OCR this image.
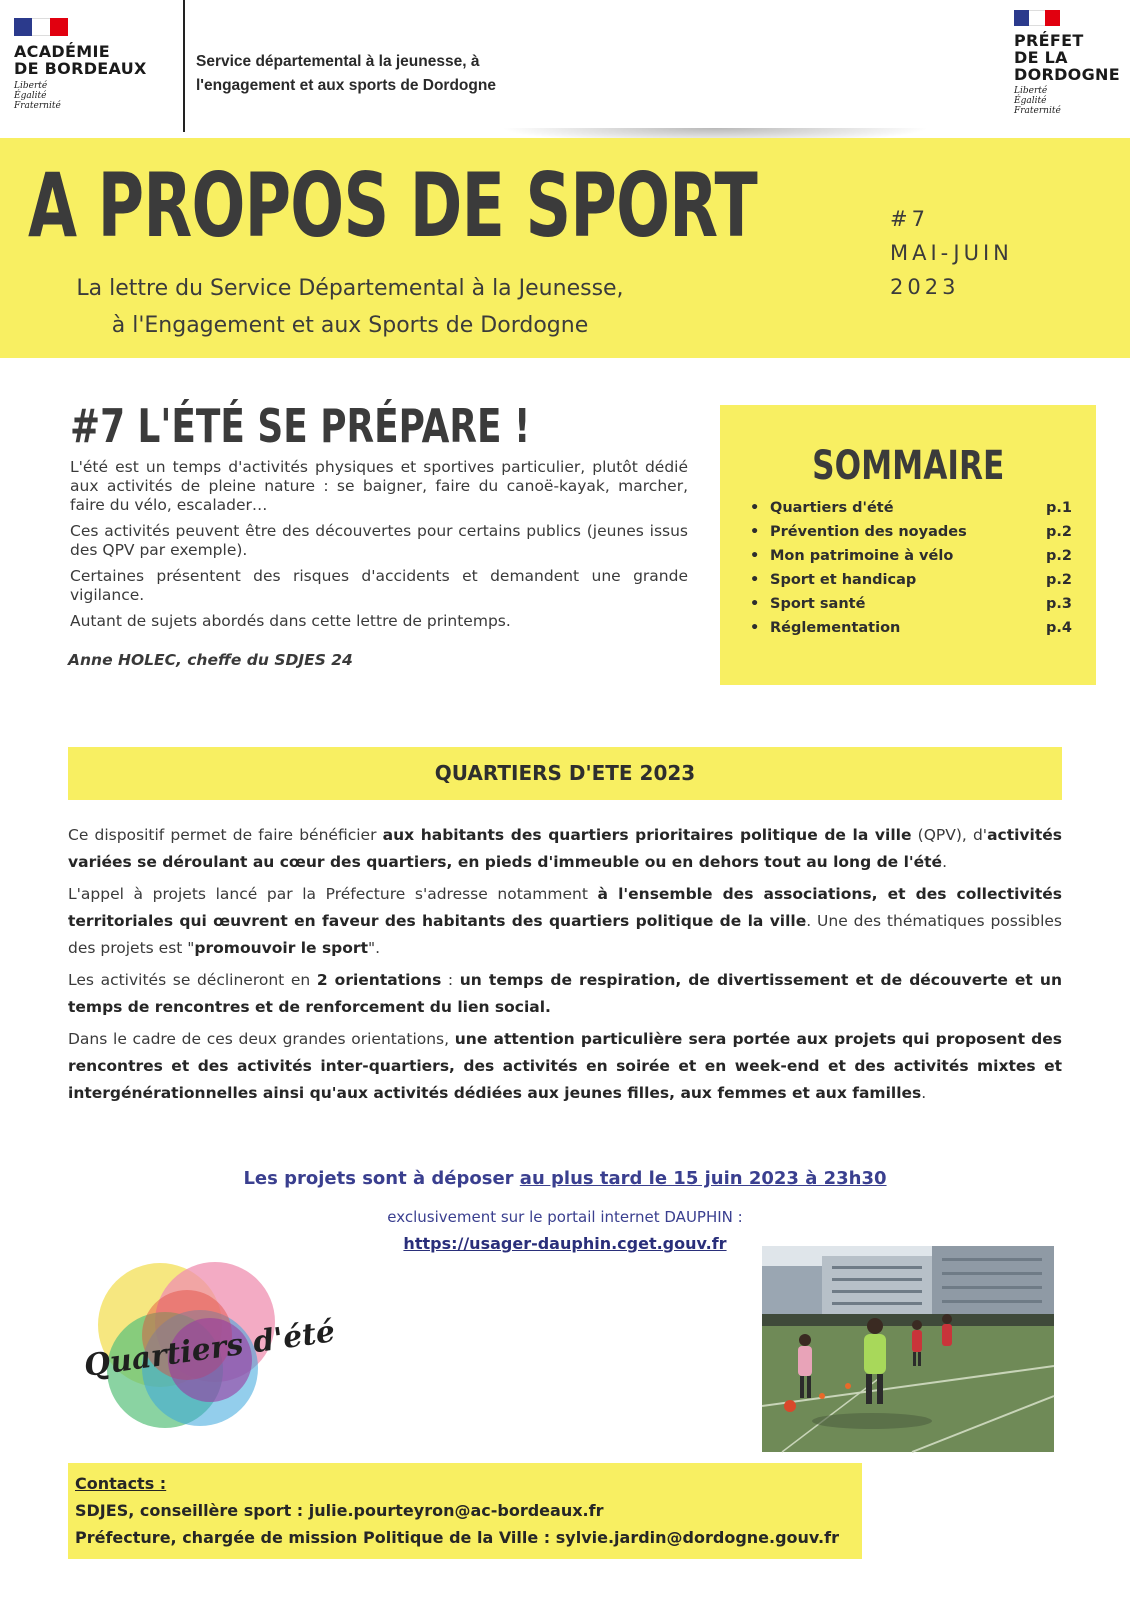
ACADÉMIE
DE BORDEAUX
Liberté
Égalité
Fraternité
Service départemental à la jeunesse, à
l'engagement et aux sports de Dordogne
PRÉFET
DE LA
DORDOGNE
Liberté
Égalité
Fraternité
A PROPOS DE SPORT
La lettre du Service Départemental à la Jeunesse,
à l'Engagement et aux Sports de Dordogne
#7
MAI-JUIN
2023
#7 L'ÉTÉ SE PRÉPARE !

L'été est un temps d'activités physiques et sportives particulier, plutôt dédié aux activités de pleine nature : se baigner, faire du canoë-kayak, marcher, faire du vélo, escalader…

Ces activités peuvent être des découvertes pour certains publics (jeunes issus des QPV par exemple).

Certaines présentent des risques d'accidents et demandent une grande vigilance.

Autant de sujets abordés dans cette lettre de printemps.

Anne HOLEC, cheffe du SDJES 24
SOMMAIRE
• Quartiers d'été	p.1
• Prévention des noyades	p.2
• Mon patrimoine à vélo	p.2
• Sport et handicap	p.2
• Sport santé	p.3
• Réglementation	p.4
QUARTIERS D'ETE 2023

Ce dispositif permet de faire bénéficier aux habitants des quartiers prioritaires politique de la ville (QPV), d'activités variées se déroulant au cœur des quartiers, en pieds d'immeuble ou en dehors tout au long de l'été.

L'appel à projets lancé par la Préfecture s'adresse notamment à l'ensemble des associations, et des collectivités territoriales qui œuvrent en faveur des habitants des quartiers politique de la ville. Une des thématiques possibles des projets est "promouvoir le sport".

Les activités se déclineront en 2 orientations : un temps de respiration, de divertissement et de découverte et un temps de rencontres et de renforcement du lien social.

Dans le cadre de ces deux grandes orientations, une attention particulière sera portée aux projets qui proposent des rencontres et des activités inter-quartiers, des activités en soirée et en week-end et des activités mixtes et intergénérationnelles ainsi qu'aux activités dédiées aux jeunes filles, aux femmes et aux familles.

Les projets sont à déposer au plus tard le 15 juin 2023 à 23h30
exclusivement sur le portail internet DAUPHIN :
https://usager-dauphin.cget.gouv.fr
Quartiers d'été
Contacts :
SDJES, conseillère sport : julie.pourteyron@ac-bordeaux.fr
Préfecture, chargée de mission Politique de la Ville : sylvie.jardin@dordogne.gouv.fr
